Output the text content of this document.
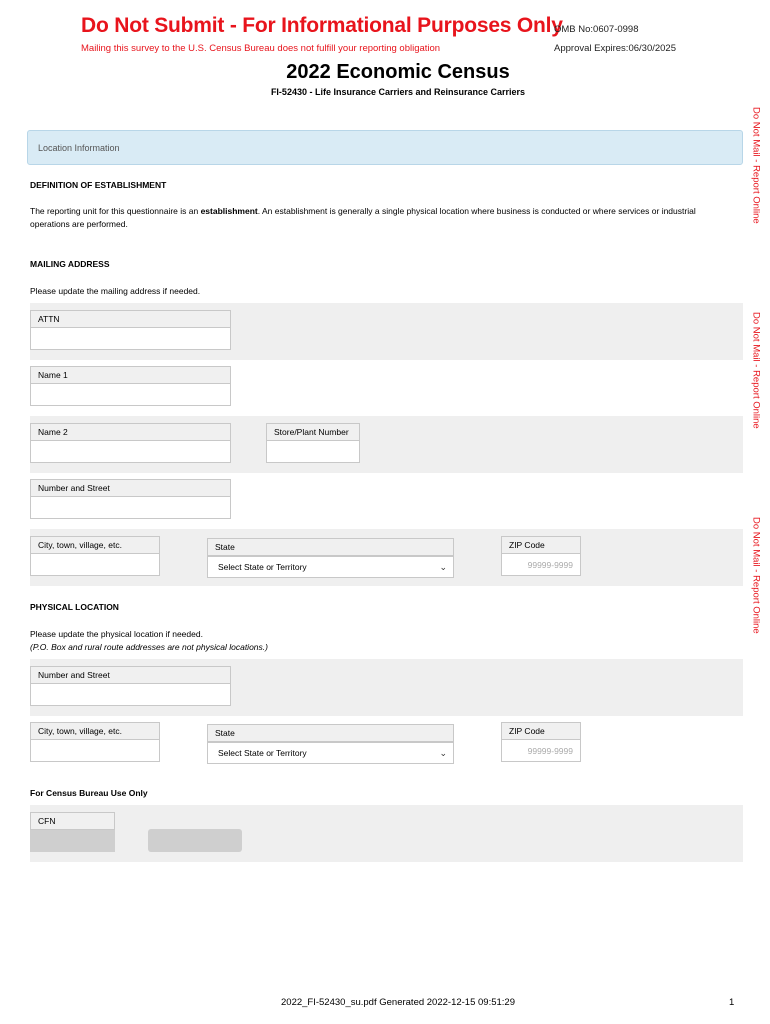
Do Not Submit - For Informational Purposes Only
Mailing this survey to the U.S. Census Bureau does not fulfill your reporting obligation
OMB No:0607-0998
Approval Expires:06/30/2025
2022 Economic Census
FI-52430 - Life Insurance Carriers and Reinsurance Carriers
Do Not Mail - Report Online
Do Not Mail - Report Online
Do Not Mail - Report Online
Location Information
DEFINITION OF ESTABLISHMENT
The reporting unit for this questionnaire is an establishment. An establishment is generally a single physical location where business is conducted or where services or industrial operations are performed.
MAILING ADDRESS
Please update the mailing address if needed.
ATTN
Name 1
Name 2	Store/Plant Number
Number and Street
City, town, village, etc.	State
Select State or Territory	⌄
ZIP Code
99999-9999
PHYSICAL LOCATION
Please update the physical location if needed.
(P.O. Box and rural route addresses are not physical locations.)
Number and Street
City, town, village, etc.	State
Select State or Territory	⌄
ZIP Code
99999-9999
For Census Bureau Use Only
CFN
2022_FI-52430_su.pdf Generated 2022-12-15 09:51:29	1
